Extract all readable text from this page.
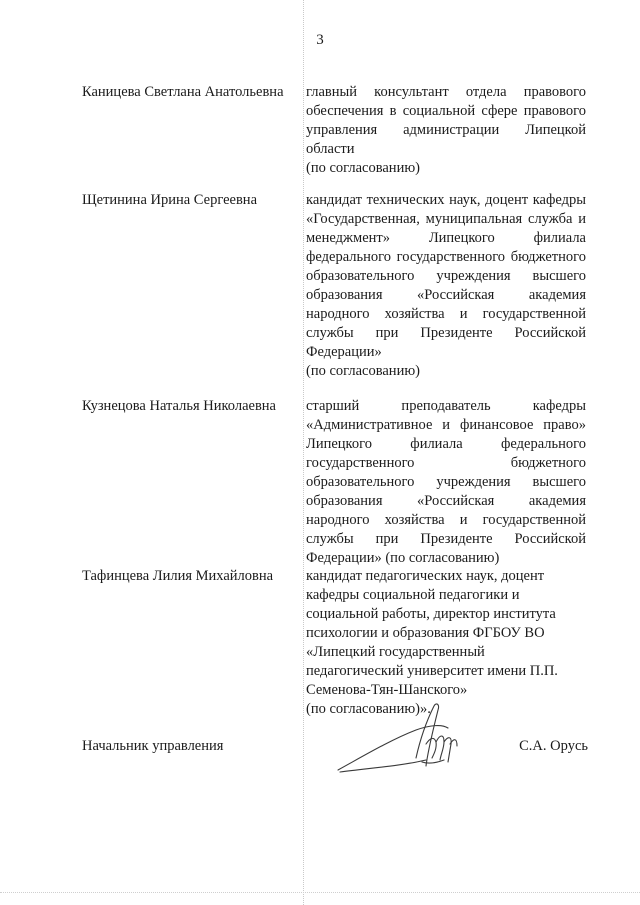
3
Каницева Светлана Анатольевна	главный консультант отдела правового обеспечения в социальной сфере правового управления администрации Липецкой области
(по согласованию)
Щетинина Ирина Сергеевна	кандидат технических наук, доцент кафедры «Государственная, муниципальная служба и менеджмент» Липецкого филиала федерального государственного бюджетного образовательного учреждения высшего образования «Российская академия народного хозяйства и государственной службы при Президенте Российской Федерации»
(по согласованию)
Кузнецова Наталья Николаевна	старший преподаватель кафедры «Административное и финансовое право» Липецкого филиала федерального государственного бюджетного образовательного учреждения высшего образования «Российская академия народного хозяйства и государственной службы при Президенте Российской Федерации» (по согласованию)
Тафинцева Лилия Михайловна	кандидат педагогических наук, доцент
кафедры социальной педагогики и
социальной работы, директор института
психологии и образования ФГБОУ ВО
«Липецкий государственный
педагогический университет имени П.П.
Семенова-Тян-Шанского»
(по согласованию)».
Начальник управления	С.А. Орусь
